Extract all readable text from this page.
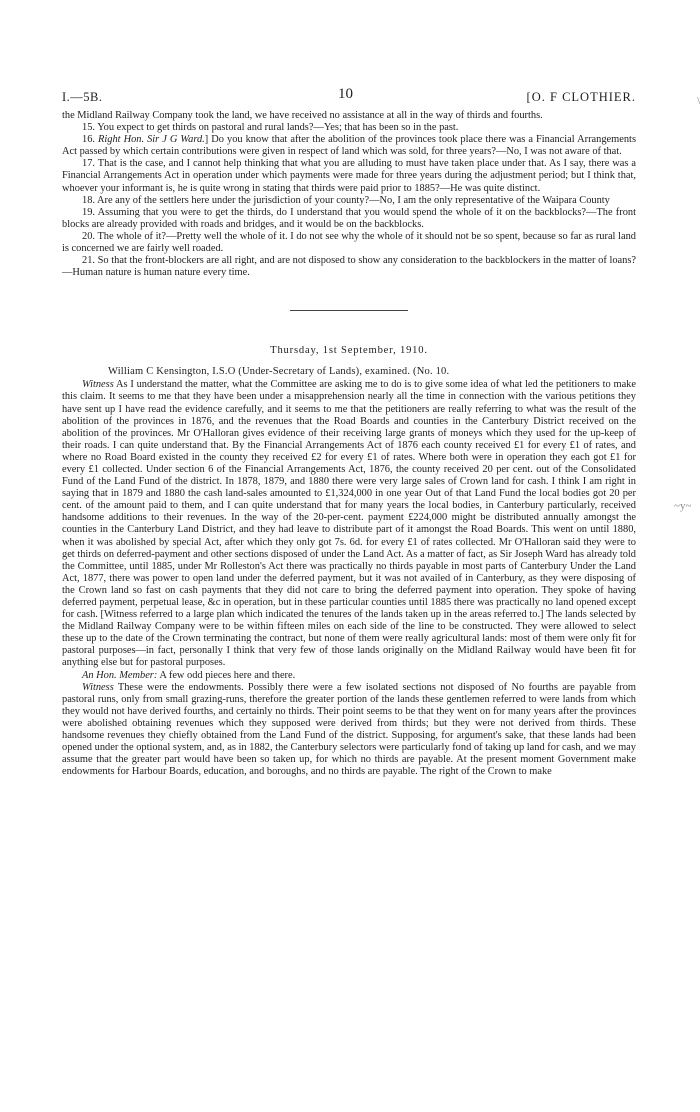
\
~y~
I.—5B.	10	[O. F CLOTHIER.

the Midland Railway Company took the land, we have received no assistance at all in the way of thirds and fourths.

15. You expect to get thirds on pastoral and rural lands?—Yes; that has been so in the past.

16. Right Hon. Sir J G Ward.] Do you know that after the abolition of the provinces took place there was a Financial Arrangements Act passed by which certain contributions were given in respect of land which was sold, for three years?—No, I was not aware of that.

17. That is the case, and I cannot help thinking that what you are alluding to must have taken place under that. As I say, there was a Financial Arrangements Act in operation under which payments were made for three years during the adjustment period; but I think that, whoever your informant is, he is quite wrong in stating that thirds were paid prior to 1885?—He was quite distinct.

18. Are any of the settlers here under the jurisdiction of your county?—No, I am the only representative of the Waipara County

19. Assuming that you were to get the thirds, do I understand that you would spend the whole of it on the backblocks?—The front blocks are already provided with roads and bridges, and it would be on the backblocks.

20. The whole of it?—Pretty well the whole of it. I do not see why the whole of it should not be so spent, because so far as rural land is concerned we are fairly well roaded.

21. So that the front-blockers are all right, and are not disposed to show any consideration to the backblockers in the matter of loans?—Human nature is human nature every time.

Thursday, 1st September, 1910.
William C Kensington, I.S.O (Under-Secretary of Lands), examined. (No. 10.

Witness As I understand the matter, what the Committee are asking me to do is to give some idea of what led the petitioners to make this claim. It seems to me that they have been under a misapprehension nearly all the time in connection with the various petitions they have sent up I have read the evidence carefully, and it seems to me that the petitioners are really referring to what was the result of the abolition of the provinces in 1876, and the revenues that the Road Boards and counties in the Canterbury District received on the abolition of the provinces. Mr O'Halloran gives evidence of their receiving large grants of moneys which they used for the up-keep of their roads. I can quite understand that. By the Financial Arrangements Act of 1876 each county received £1 for every £1 of rates, and where no Road Board existed in the county they received £2 for every £1 of rates. Where both were in operation they each got £1 for every £1 collected. Under section 6 of the Financial Arrangements Act, 1876, the county received 20 per cent. out of the Consolidated Fund of the Land Fund of the district. In 1878, 1879, and 1880 there were very large sales of Crown land for cash. I think I am right in saying that in 1879 and 1880 the cash land-sales amounted to £1,324,000 in one year Out of that Land Fund the local bodies got 20 per cent. of the amount paid to them, and I can quite understand that for many years the local bodies, in Canterbury particularly, received handsome additions to their revenues. In the way of the 20-per-cent. payment £224,000 might be distributed annually amongst the counties in the Canterbury Land District, and they had leave to distribute part of it amongst the Road Boards. This went on until 1880, when it was abolished by special Act, after which they only got 7s. 6d. for every £1 of rates collected. Mr O'Halloran said they were to get thirds on deferred-payment and other sections disposed of under the Land Act. As a matter of fact, as Sir Joseph Ward has already told the Committee, until 1885, under Mr Rolleston's Act there was practically no thirds payable in most parts of Canterbury Under the Land Act, 1877, there was power to open land under the deferred payment, but it was not availed of in Canterbury, as they were disposing of the Crown land so fast on cash payments that they did not care to bring the deferred payment into operation. They spoke of having deferred payment, perpetual lease, &c in operation, but in these particular counties until 1885 there was practically no land opened except for cash. [Witness referred to a large plan which indicated the tenures of the lands taken up in the areas referred to.] The lands selected by the Midland Railway Company were to be within fifteen miles on each side of the line to be constructed. They were allowed to select these up to the date of the Crown terminating the contract, but none of them were really agricultural lands: most of them were only fit for pastoral purposes—in fact, personally I think that very few of those lands originally on the Midland Railway would have been fit for anything else but for pastoral purposes.

An Hon. Member: A few odd pieces here and there.

Witness These were the endowments. Possibly there were a few isolated sections not disposed of No fourths are payable from pastoral runs, only from small grazing-runs, therefore the greater portion of the lands these gentlemen referred to were lands from which they would not have derived fourths, and certainly no thirds. Their point seems to be that they went on for many years after the provinces were abolished obtaining revenues which they supposed were derived from thirds; but they were not derived from thirds. These handsome revenues they chiefly obtained from the Land Fund of the district. Supposing, for argument's sake, that these lands had been opened under the optional system, and, as in 1882, the Canterbury selectors were particularly fond of taking up land for cash, and we may assume that the greater part would have been so taken up, for which no thirds are payable. At the present moment Government make endowments for Harbour Boards, education, and boroughs, and no thirds are payable. The right of the Crown to make
